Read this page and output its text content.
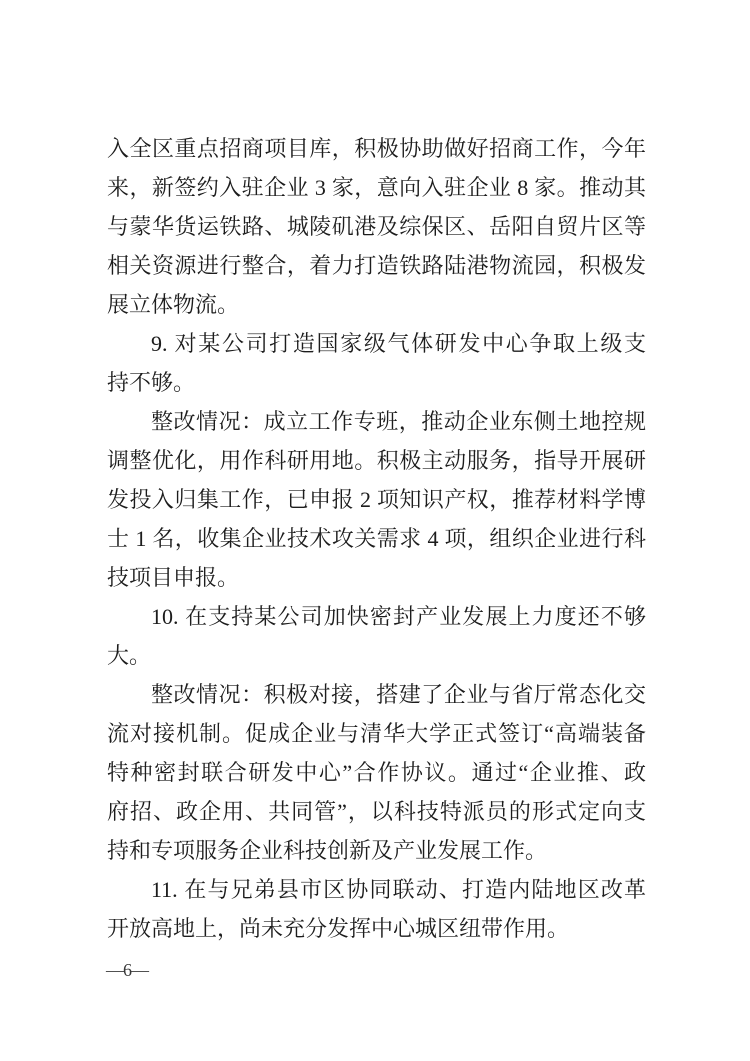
入全区重点招商项目库，积极协助做好招商工作，今年
来，新签约入驻企业 3 家，意向入驻企业 8 家。推动其
与蒙华货运铁路、城陵矶港及综保区、岳阳自贸片区等
相关资源进行整合，着力打造铁路陆港物流园，积极发
展立体物流。
9. 对某公司打造国家级气体研发中心争取上级支
持不够。
整改情况：成立工作专班，推动企业东侧土地控规
调整优化，用作科研用地。积极主动服务，指导开展研
发投入归集工作，已申报 2 项知识产权，推荐材料学博
士 1 名，收集企业技术攻关需求 4 项，组织企业进行科
技项目申报。
10. 在支持某公司加快密封产业发展上力度还不够
大。
整改情况：积极对接，搭建了企业与省厅常态化交
流对接机制。促成企业与清华大学正式签订“高端装备
特种密封联合研发中心”合作协议。通过“企业推、政
府招、政企用、共同管”，以科技特派员的形式定向支
持和专项服务企业科技创新及产业发展工作。
11. 在与兄弟县市区协同联动、打造内陆地区改革
开放高地上，尚未充分发挥中心城区纽带作用。
—6—
